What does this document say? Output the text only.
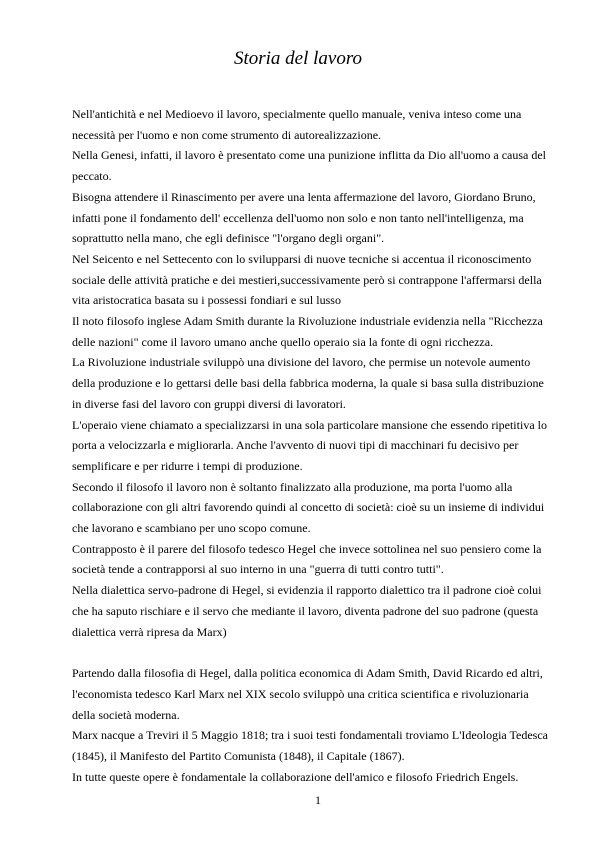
Storia del lavoro

Nell'antichità e nel Medioevo il lavoro, specialmente quello manuale, veniva inteso come una necessità per l'uomo e non come strumento di autorealizzazione.

Nella Genesi, infatti, il lavoro è presentato come una punizione inflitta da Dio all'uomo a causa del peccato.

Bisogna attendere il Rinascimento per avere una lenta affermazione del lavoro, Giordano Bruno, infatti pone il fondamento dell' eccellenza dell'uomo non solo e non tanto nell'intelligenza, ma soprattutto nella mano, che egli definisce "l'organo degli organi".

Nel Seicento e nel Settecento con lo svilupparsi di nuove tecniche si accentua il riconoscimento sociale delle attività pratiche e dei mestieri,successivamente però si contrappone l'affermarsi della vita aristocratica basata su i possessi fondiari e sul lusso

Il noto filosofo inglese Adam Smith durante la Rivoluzione industriale evidenzia nella "Ricchezza delle nazioni" come il lavoro umano anche quello operaio sia la fonte di ogni ricchezza.

La Rivoluzione industriale sviluppò una divisione del lavoro, che permise un notevole aumento della produzione e lo gettarsi delle basi della fabbrica moderna, la quale si basa sulla distribuzione in diverse fasi del lavoro con gruppi diversi di lavoratori.

L'operaio viene chiamato a specializzarsi in una sola particolare mansione che essendo ripetitiva lo porta a velocizzarla e migliorarla. Anche l'avvento di nuovi tipi di macchinari fu decisivo per semplificare e per ridurre i tempi di produzione.

Secondo il filosofo il lavoro non è soltanto finalizzato alla produzione, ma porta l'uomo alla collaborazione con gli altri favorendo quindi al concetto di società: cioè su un insieme di individui che lavorano e scambiano per uno scopo comune.

Contrapposto è il parere del filosofo tedesco Hegel che invece sottolinea nel suo pensiero come la società tende a contrapporsi al suo interno in una "guerra di tutti contro tutti".

Nella dialettica servo-padrone di Hegel, si evidenzia il rapporto dialettico tra il padrone cioè colui che ha saputo rischiare e il servo che mediante il lavoro, diventa padrone del suo padrone (questa dialettica verrà ripresa da Marx)

Partendo dalla filosofia di Hegel, dalla politica economica di Adam Smith, David Ricardo ed altri, l'economista tedesco Karl Marx nel XIX secolo sviluppò una critica scientifica e rivoluzionaria della società moderna.

Marx nacque a Treviri il 5 Maggio 1818; tra i suoi testi fondamentali troviamo L'Ideologia Tedesca (1845), il Manifesto del Partito Comunista (1848), il Capitale (1867).

In tutte queste opere è fondamentale la collaborazione dell'amico e filosofo Friedrich Engels.

1
